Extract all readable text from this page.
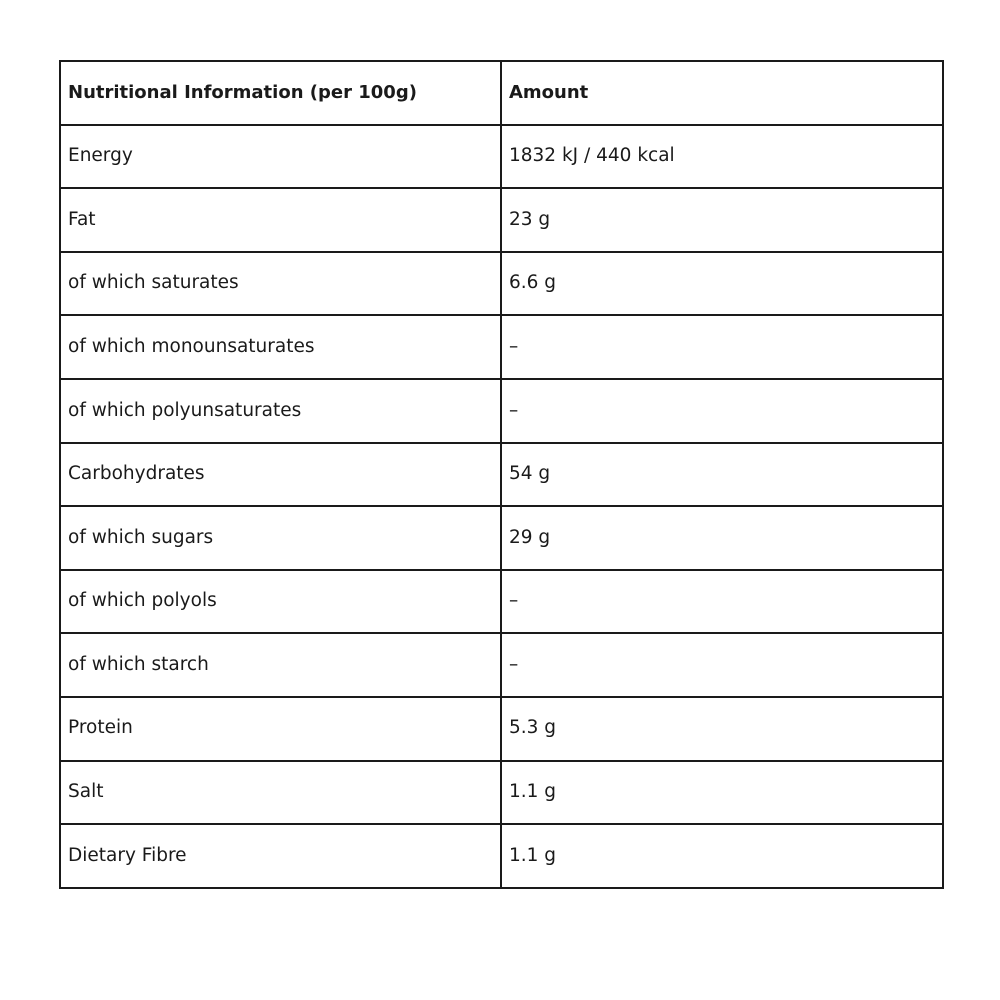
Nutritional Information (per 100g)	Amount
Energy	1832 kJ / 440 kcal
Fat	23 g
of which saturates	6.6 g
of which monounsaturates	–
of which polyunsaturates	–
Carbohydrates	54 g
of which sugars	29 g
of which polyols	–
of which starch	–
Protein	5.3 g
Salt	1.1 g
Dietary Fibre	1.1 g
